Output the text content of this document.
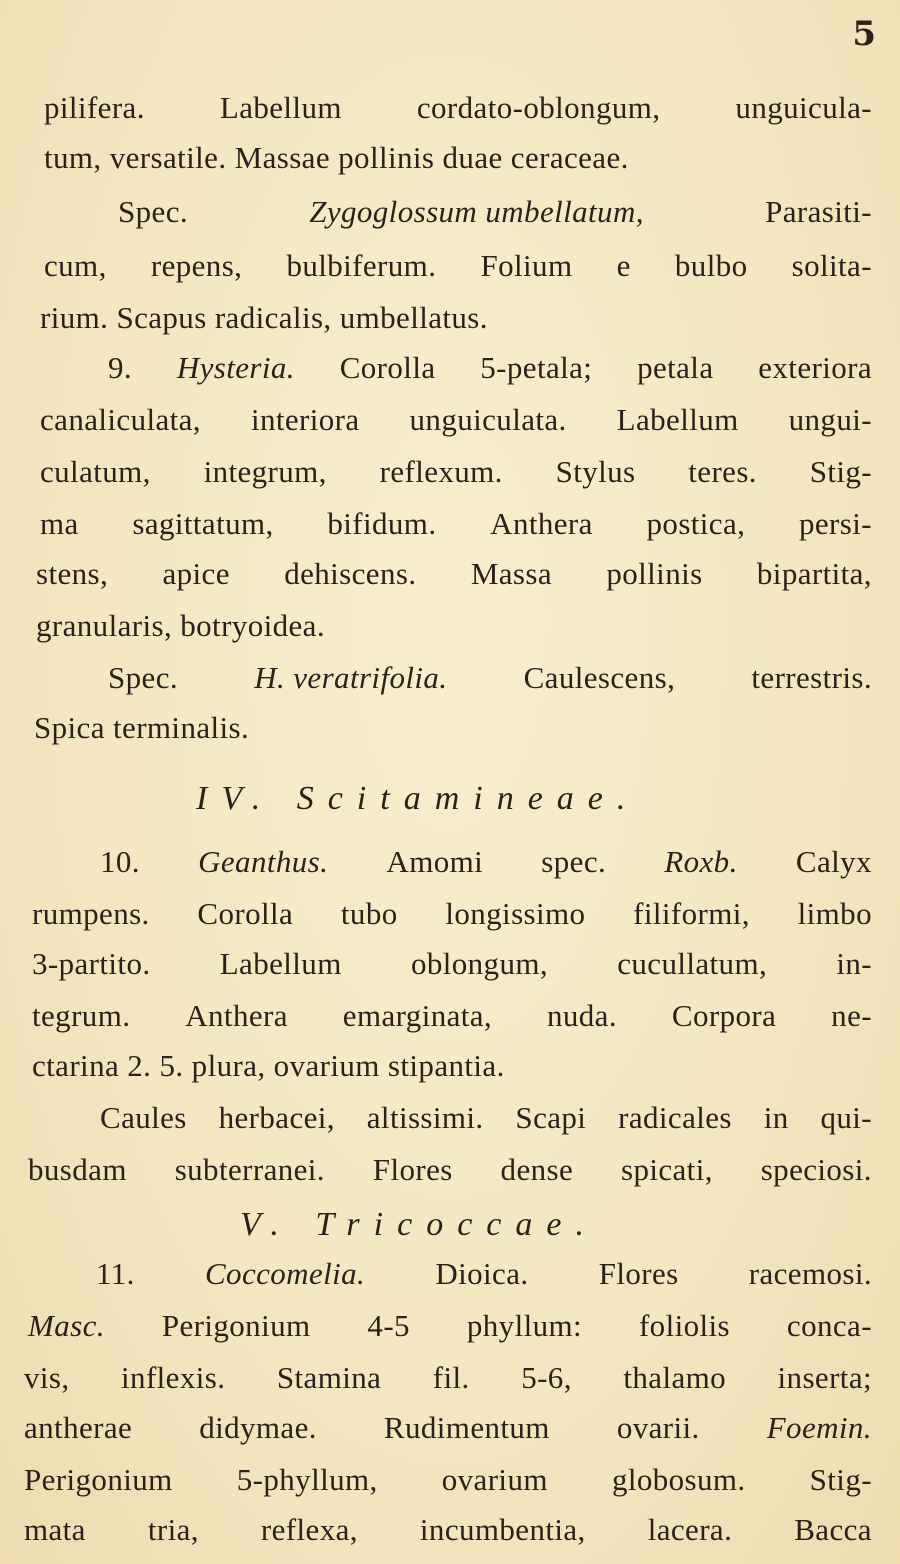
5
pilifera. Labellum cordato-oblongum, unguicula-
tum, versatile. Massae pollinis duae ceraceae.
Spec.	Zygoglossum umbellatum,	Parasiti-
cum, repens, bulbiferum. Folium e bulbo solita-
rium. Scapus radicalis, umbellatus.
9. Hysteria. Corolla 5-petala; petala exteriora
canaliculata, interiora unguiculata. Labellum ungui-
culatum, integrum, reflexum. Stylus teres. Stig-
ma sagittatum, bifidum. Anthera postica, persi-
stens, apice dehiscens. Massa pollinis bipartita,
granularis, botryoidea.
Spec. H. veratrifolia. Caulescens, terrestris.
Spica terminalis.
IV. Scitamineae.
10. Geanthus. Amomi spec. Roxb. Calyx
rumpens. Corolla tubo longissimo filiformi, limbo
3-partito. Labellum oblongum, cucullatum, in-
tegrum. Anthera emarginata, nuda. Corpora ne-
ctarina 2. 5. plura, ovarium stipantia.
Caules herbacei, altissimi. Scapi radicales in qui-
busdam subterranei. Flores dense spicati, speciosi.
V. Tricoccae.
11. Coccomelia. Dioica. Flores racemosi.
Masc. Perigonium 4-5 phyllum: foliolis conca-
vis, inflexis. Stamina fil. 5-6, thalamo inserta;
antherae didymae. Rudimentum ovarii. Foemin.
Perigonium 5-phyllum, ovarium globosum. Stig-
mata tria, reflexa, incumbentia, lacera. Bacca
